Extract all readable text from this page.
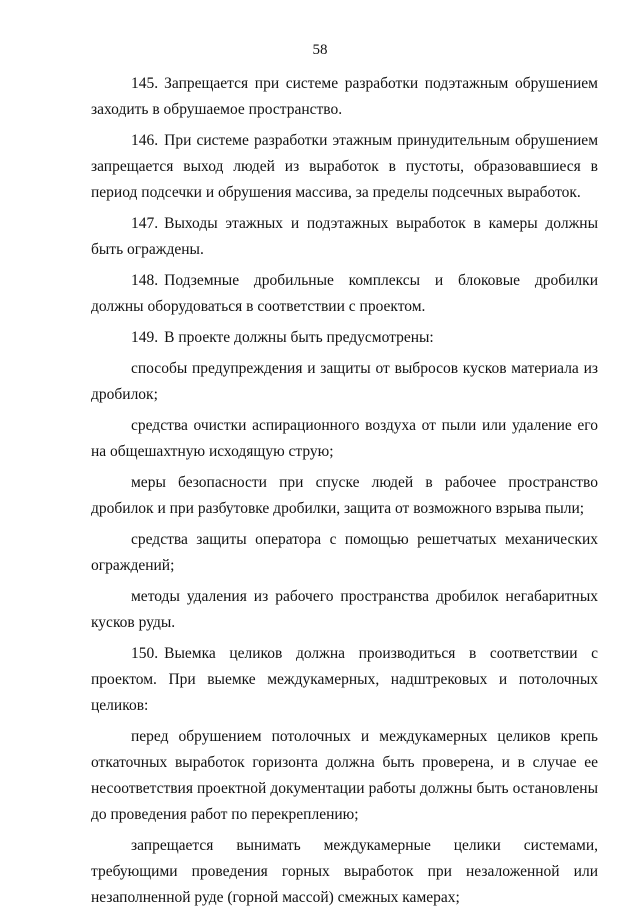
58

145. Запрещается при системе разработки подэтажным обрушением заходить в обрушаемое пространство.

146. При системе разработки этажным принудительным обрушением запрещается выход людей из выработок в пустоты, образовавшиеся в период подсечки и обрушения массива, за пределы подсечных выработок.

147. Выходы этажных и подэтажных выработок в камеры должны быть ограждены.

148. Подземные дробильные комплексы и блоковые дробилки должны оборудоваться в соответствии с проектом.

149. В проекте должны быть предусмотрены:

способы предупреждения и защиты от выбросов кусков материала из дробилок;

средства очистки аспирационного воздуха от пыли или удаление его на общешахтную исходящую струю;

меры безопасности при спуске людей в рабочее пространство дробилок и при разбутовке дробилки, защита от возможного взрыва пыли;

средства защиты оператора с помощью решетчатых механических ограждений;

методы удаления из рабочего пространства дробилок негабаритных кусков руды.

150. Выемка целиков должна производиться в соответствии с проектом. При выемке междукамерных, надштрековых и потолочных целиков:

перед обрушением потолочных и междукамерных целиков крепь откаточных выработок горизонта должна быть проверена, и в случае ее несоответствия проектной документации работы должны быть остановлены до проведения работ по перекреплению;

запрещается вынимать междукамерные целики системами, требующими проведения горных выработок при незаложенной или незаполненной руде (горной массой) смежных камерах;
